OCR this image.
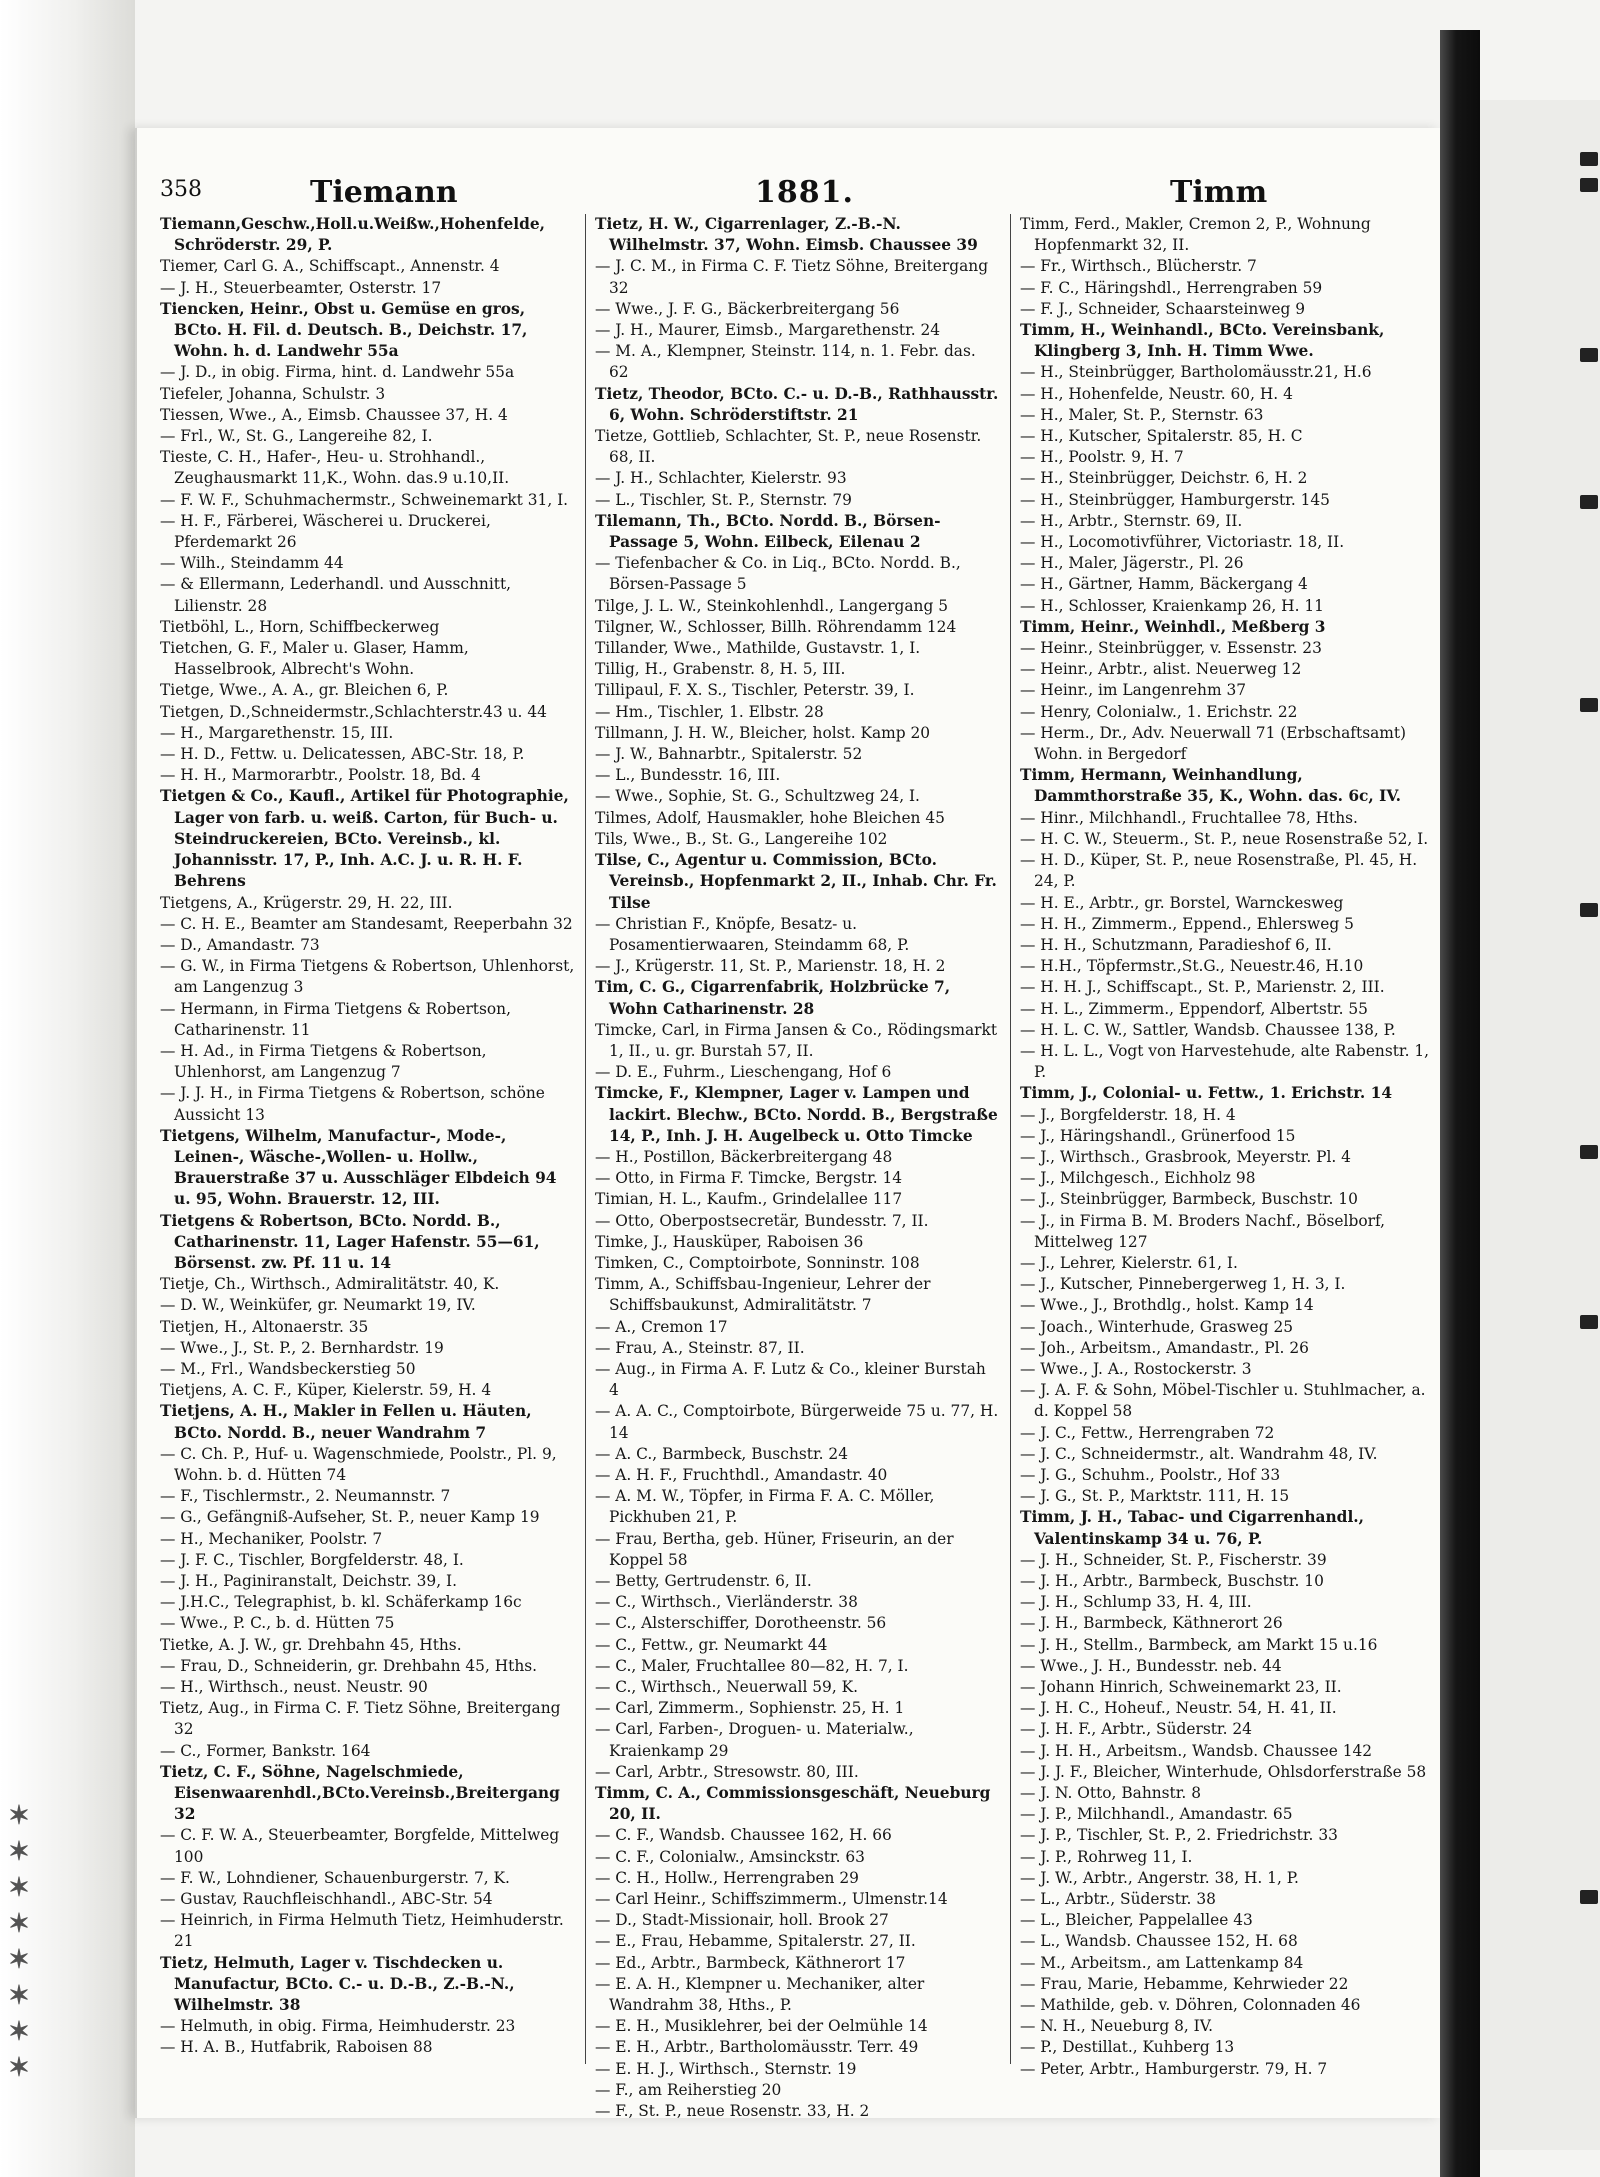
✶✶✶✶✶✶✶✶
358	Tiemann	1881.	Timm

Tiemann,Geschw.,Holl.u.Weißw.,Hohenfelde, Schröderstr. 29, P.

Tiemer, Carl G. A., Schiffscapt., Annenstr. 4

— J. H., Steuerbeamter, Osterstr. 17

Tiencken, Heinr., Obst u. Gemüse en gros, BCto. H. Fil. d. Deutsch. B., Deichstr. 17, Wohn. h. d. Landwehr 55a

— J. D., in obig. Firma, hint. d. Landwehr 55a

Tiefeler, Johanna, Schulstr. 3

Tiessen, Wwe., A., Eimsb. Chaussee 37, H. 4

— Frl., W., St. G., Langereihe 82, I.

Tieste, C. H., Hafer-, Heu- u. Strohhandl., Zeughausmarkt 11,K., Wohn. das.9 u.10,II.

— F. W. F., Schuhmachermstr., Schweinemarkt 31, I.

— H. F., Färberei, Wäscherei u. Druckerei, Pferdemarkt 26

— Wilh., Steindamm 44

— & Ellermann, Lederhandl. und Ausschnitt, Lilienstr. 28

Tietböhl, L., Horn, Schiffbeckerweg

Tietchen, G. F., Maler u. Glaser, Hamm, Hasselbrook, Albrecht's Wohn.

Tietge, Wwe., A. A., gr. Bleichen 6, P.

Tietgen, D.,Schneidermstr.,Schlachterstr.43 u. 44

— H., Margarethenstr. 15, III.

— H. D., Fettw. u. Delicatessen, ABC-Str. 18, P.

— H. H., Marmorarbtr., Poolstr. 18, Bd. 4

Tietgen & Co., Kaufl., Artikel für Photographie, Lager von farb. u. weiß. Carton, für Buch- u. Steindruckereien, BCto. Vereinsb., kl. Johannisstr. 17, P., Inh. A.C. J. u. R. H. F. Behrens

Tietgens, A., Krügerstr. 29, H. 22, III.

— C. H. E., Beamter am Standesamt, Reeperbahn 32

— D., Amandastr. 73

— G. W., in Firma Tietgens & Robertson, Uhlenhorst, am Langenzug 3

— Hermann, in Firma Tietgens & Robertson, Catharinenstr. 11

— H. Ad., in Firma Tietgens & Robertson, Uhlenhorst, am Langenzug 7

— J. J. H., in Firma Tietgens & Robertson, schöne Aussicht 13

Tietgens, Wilhelm, Manufactur-, Mode-, Leinen-, Wäsche-,Wollen- u. Hollw., Brauerstraße 37 u. Ausschläger Elbdeich 94 u. 95, Wohn. Brauerstr. 12, III.

Tietgens & Robertson, BCto. Nordd. B., Catharinenstr. 11, Lager Hafenstr. 55—61, Börsenst. zw. Pf. 11 u. 14

Tietje, Ch., Wirthsch., Admiralitätstr. 40, K.

— D. W., Weinküfer, gr. Neumarkt 19, IV.

Tietjen, H., Altonaerstr. 35

— Wwe., J., St. P., 2. Bernhardstr. 19

— M., Frl., Wandsbeckerstieg 50

Tietjens, A. C. F., Küper, Kielerstr. 59, H. 4

Tietjens, A. H., Makler in Fellen u. Häuten, BCto. Nordd. B., neuer Wandrahm 7

— C. Ch. P., Huf- u. Wagenschmiede, Poolstr., Pl. 9, Wohn. b. d. Hütten 74

— F., Tischlermstr., 2. Neumannstr. 7

— G., Gefängniß-Aufseher, St. P., neuer Kamp 19

— H., Mechaniker, Poolstr. 7

— J. F. C., Tischler, Borgfelderstr. 48, I.

— J. H., Paginiranstalt, Deichstr. 39, I.

— J.H.C., Telegraphist, b. kl. Schäferkamp 16c

— Wwe., P. C., b. d. Hütten 75

Tietke, A. J. W., gr. Drehbahn 45, Hths.

— Frau, D., Schneiderin, gr. Drehbahn 45, Hths.

— H., Wirthsch., neust. Neustr. 90

Tietz, Aug., in Firma C. F. Tietz Söhne, Breitergang 32

— C., Former, Bankstr. 164

Tietz, C. F., Söhne, Nagelschmiede, Eisenwaarenhdl.,BCto.Vereinsb.,Breitergang 32

— C. F. W. A., Steuerbeamter, Borgfelde, Mittelweg 100

— F. W., Lohndiener, Schauenburgerstr. 7, K.

— Gustav, Rauchfleischhandl., ABC-Str. 54

— Heinrich, in Firma Helmuth Tietz, Heimhuderstr. 21

Tietz, Helmuth, Lager v. Tischdecken u. Manufactur, BCto. C.- u. D.-B., Z.-B.-N., Wilhelmstr. 38

— Helmuth, in obig. Firma, Heimhuderstr. 23

— H. A. B., Hutfabrik, Raboisen 88

Tietz, H. W., Cigarrenlager, Z.-B.-N. Wilhelmstr. 37, Wohn. Eimsb. Chaussee 39

— J. C. M., in Firma C. F. Tietz Söhne, Breitergang 32

— Wwe., J. F. G., Bäckerbreitergang 56

— J. H., Maurer, Eimsb., Margarethenstr. 24

— M. A., Klempner, Steinstr. 114, n. 1. Febr. das. 62

Tietz, Theodor, BCto. C.- u. D.-B., Rathhausstr. 6, Wohn. Schröderstiftstr. 21

Tietze, Gottlieb, Schlachter, St. P., neue Rosenstr. 68, II.

— J. H., Schlachter, Kielerstr. 93

— L., Tischler, St. P., Sternstr. 79

Tilemann, Th., BCto. Nordd. B., Börsen-Passage 5, Wohn. Eilbeck, Eilenau 2

— Tiefenbacher & Co. in Liq., BCto. Nordd. B., Börsen-Passage 5

Tilge, J. L. W., Steinkohlenhdl., Langergang 5

Tilgner, W., Schlosser, Billh. Röhrendamm 124

Tillander, Wwe., Mathilde, Gustavstr. 1, I.

Tillig, H., Grabenstr. 8, H. 5, III.

Tillipaul, F. X. S., Tischler, Peterstr. 39, I.

— Hm., Tischler, 1. Elbstr. 28

Tillmann, J. H. W., Bleicher, holst. Kamp 20

— J. W., Bahnarbtr., Spitalerstr. 52

— L., Bundesstr. 16, III.

— Wwe., Sophie, St. G., Schultzweg 24, I.

Tilmes, Adolf, Hausmakler, hohe Bleichen 45

Tils, Wwe., B., St. G., Langereihe 102

Tilse, C., Agentur u. Commission, BCto. Vereinsb., Hopfenmarkt 2, II., Inhab. Chr. Fr. Tilse

— Christian F., Knöpfe, Besatz- u. Posamentierwaaren, Steindamm 68, P.

— J., Krügerstr. 11, St. P., Marienstr. 18, H. 2

Tim, C. G., Cigarrenfabrik, Holzbrücke 7, Wohn Catharinenstr. 28

Timcke, Carl, in Firma Jansen & Co., Rödingsmarkt 1, II., u. gr. Burstah 57, II.

— D. E., Fuhrm., Lieschengang, Hof 6

Timcke, F., Klempner, Lager v. Lampen und lackirt. Blechw., BCto. Nordd. B., Bergstraße 14, P., Inh. J. H. Augelbeck u. Otto Timcke

— H., Postillon, Bäckerbreitergang 48

— Otto, in Firma F. Timcke, Bergstr. 14

Timian, H. L., Kaufm., Grindelallee 117

— Otto, Oberpostsecretär, Bundesstr. 7, II.

Timke, J., Hausküper, Raboisen 36

Timken, C., Comptoirbote, Sonninstr. 108

Timm, A., Schiffsbau-Ingenieur, Lehrer der Schiffsbaukunst, Admiralitätstr. 7

— A., Cremon 17

— Frau, A., Steinstr. 87, II.

— Aug., in Firma A. F. Lutz & Co., kleiner Burstah 4

— A. A. C., Comptoirbote, Bürgerweide 75 u. 77, H. 14

— A. C., Barmbeck, Buschstr. 24

— A. H. F., Fruchthdl., Amandastr. 40

— A. M. W., Töpfer, in Firma F. A. C. Möller, Pickhuben 21, P.

— Frau, Bertha, geb. Hüner, Friseurin, an der Koppel 58

— Betty, Gertrudenstr. 6, II.

— C., Wirthsch., Vierländerstr. 38

— C., Alsterschiffer, Dorotheenstr. 56

— C., Fettw., gr. Neumarkt 44

— C., Maler, Fruchtallee 80—82, H. 7, I.

— C., Wirthsch., Neuerwall 59, K.

— Carl, Zimmerm., Sophienstr. 25, H. 1

— Carl, Farben-, Droguen- u. Materialw., Kraienkamp 29

— Carl, Arbtr., Stresowstr. 80, III.

Timm, C. A., Commissionsgeschäft, Neueburg 20, II.

— C. F., Wandsb. Chaussee 162, H. 66

— C. F., Colonialw., Amsinckstr. 63

— C. H., Hollw., Herrengraben 29

— Carl Heinr., Schiffszimmerm., Ulmenstr.14

— D., Stadt-Missionair, holl. Brook 27

— E., Frau, Hebamme, Spitalerstr. 27, II.

— Ed., Arbtr., Barmbeck, Käthnerort 17

— E. A. H., Klempner u. Mechaniker, alter Wandrahm 38, Hths., P.

— E. H., Musiklehrer, bei der Oelmühle 14

— E. H., Arbtr., Bartholomäusstr. Terr. 49

— E. H. J., Wirthsch., Sternstr. 19

— F., am Reiherstieg 20

— F., St. P., neue Rosenstr. 33, H. 2

Timm, Ferd., Makler, Cremon 2, P., Wohnung Hopfenmarkt 32, II.

— Fr., Wirthsch., Blücherstr. 7

— F. C., Häringshdl., Herrengraben 59

— F. J., Schneider, Schaarsteinweg 9

Timm, H., Weinhandl., BCto. Vereinsbank, Klingberg 3, Inh. H. Timm Wwe.

— H., Steinbrügger, Bartholomäusstr.21, H.6

— H., Hohenfelde, Neustr. 60, H. 4

— H., Maler, St. P., Sternstr. 63

— H., Kutscher, Spitalerstr. 85, H. C

— H., Poolstr. 9, H. 7

— H., Steinbrügger, Deichstr. 6, H. 2

— H., Steinbrügger, Hamburgerstr. 145

— H., Arbtr., Sternstr. 69, II.

— H., Locomotivführer, Victoriastr. 18, II.

— H., Maler, Jägerstr., Pl. 26

— H., Gärtner, Hamm, Bäckergang 4

— H., Schlosser, Kraienkamp 26, H. 11

Timm, Heinr., Weinhdl., Meßberg 3

— Heinr., Steinbrügger, v. Essenstr. 23

— Heinr., Arbtr., alist. Neuerweg 12

— Heinr., im Langenrehm 37

— Henry, Colonialw., 1. Erichstr. 22

— Herm., Dr., Adv. Neuerwall 71 (Erbschaftsamt) Wohn. in Bergedorf

Timm, Hermann, Weinhandlung, Dammthorstraße 35, K., Wohn. das. 6c, IV.

— Hinr., Milchhandl., Fruchtallee 78, Hths.

— H. C. W., Steuerm., St. P., neue Rosenstraße 52, I.

— H. D., Küper, St. P., neue Rosenstraße, Pl. 45, H. 24, P.

— H. E., Arbtr., gr. Borstel, Warnckesweg

— H. H., Zimmerm., Eppend., Ehlersweg 5

— H. H., Schutzmann, Paradieshof 6, II.

— H.H., Töpfermstr.,St.G., Neuestr.46, H.10

— H. H. J., Schiffscapt., St. P., Marienstr. 2, III.

— H. L., Zimmerm., Eppendorf, Albertstr. 55

— H. L. C. W., Sattler, Wandsb. Chaussee 138, P.

— H. L. L., Vogt von Harvestehude, alte Rabenstr. 1, P.

Timm, J., Colonial- u. Fettw., 1. Erichstr. 14

— J., Borgfelderstr. 18, H. 4

— J., Häringshandl., Grünerfood 15

— J., Wirthsch., Grasbrook, Meyerstr. Pl. 4

— J., Milchgesch., Eichholz 98

— J., Steinbrügger, Barmbeck, Buschstr. 10

— J., in Firma B. M. Broders Nachf., Böselborf, Mittelweg 127

— J., Lehrer, Kielerstr. 61, I.

— J., Kutscher, Pinnebergerweg 1, H. 3, I.

— Wwe., J., Brothdlg., holst. Kamp 14

— Joach., Winterhude, Grasweg 25

— Joh., Arbeitsm., Amandastr., Pl. 26

— Wwe., J. A., Rostockerstr. 3

— J. A. F. & Sohn, Möbel-Tischler u. Stuhlmacher, a. d. Koppel 58

— J. C., Fettw., Herrengraben 72

— J. C., Schneidermstr., alt. Wandrahm 48, IV.

— J. G., Schuhm., Poolstr., Hof 33

— J. G., St. P., Marktstr. 111, H. 15

Timm, J. H., Tabac- und Cigarrenhandl., Valentinskamp 34 u. 76, P.

— J. H., Schneider, St. P., Fischerstr. 39

— J. H., Arbtr., Barmbeck, Buschstr. 10

— J. H., Schlump 33, H. 4, III.

— J. H., Barmbeck, Käthnerort 26

— J. H., Stellm., Barmbeck, am Markt 15 u.16

— Wwe., J. H., Bundesstr. neb. 44

— Johann Hinrich, Schweinemarkt 23, II.

— J. H. C., Hoheuf., Neustr. 54, H. 41, II.

— J. H. F., Arbtr., Süderstr. 24

— J. H. H., Arbeitsm., Wandsb. Chaussee 142

— J. J. F., Bleicher, Winterhude, Ohlsdorferstraße 58

— J. N. Otto, Bahnstr. 8

— J. P., Milchhandl., Amandastr. 65

— J. P., Tischler, St. P., 2. Friedrichstr. 33

— J. P., Rohrweg 11, I.

— J. W., Arbtr., Angerstr. 38, H. 1, P.

— L., Arbtr., Süderstr. 38

— L., Bleicher, Pappelallee 43

— L., Wandsb. Chaussee 152, H. 68

— M., Arbeitsm., am Lattenkamp 84

— Frau, Marie, Hebamme, Kehrwieder 22

— Mathilde, geb. v. Döhren, Colonnaden 46

— N. H., Neueburg 8, IV.

— P., Destillat., Kuhberg 13

— Peter, Arbtr., Hamburgerstr. 79, H. 7
